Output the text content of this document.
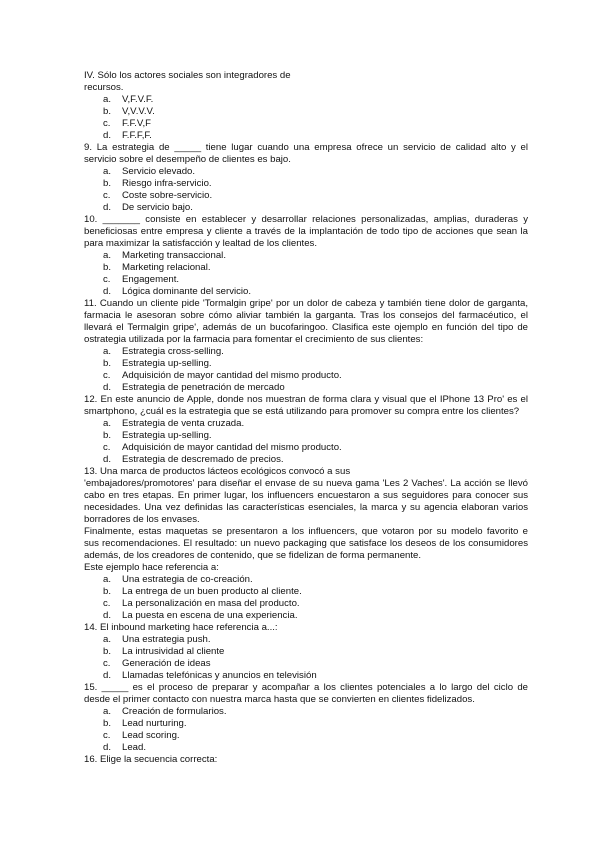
IV. Sólo los actores sociales son integradores de
recursos.
a.	V,F.V.F.
b.	V,V.V.V.
c.	F.F.V,F
d.	F.F.F,F.
9. La estrategia de _____ tiene lugar cuando una empresa ofrece un servicio de calidad alto y el
servicio sobre el desempeño de clientes es bajo.
a.	Servicio elevado.
b.	Riesgo infra-servicio.
c.	Coste sobre-servicio.
d.	De servicio bajo.
10. _______ consiste en establecer y desarrollar relaciones personalizadas, amplias, duraderas y
beneficiosas entre empresa y cliente a través de la implantación de todo tipo de acciones que sean la
para maximizar la satisfacción y lealtad de los clientes.
a.	Marketing transaccional.
b.	Marketing relacional.
c.	Engagement.
d.	Lógica dominante del servicio.
11. Cuando un cliente pide 'Tormalgin gripe' por un dolor de cabeza y también tiene dolor de garganta,
farmacia le asesoran sobre cómo aliviar también la garganta. Tras los consejos del farmacéutico, el
llevará el Termalgin gripe', además de un bucofaringoo. Clasifica este ojemplo en función del tipo de
ostrategia utilizada por la farmacia para fomentar el crecimiento de sus clientes:
a.	Estrategia cross-selling.
b.	Estrategia up-selling.
c.	Adquisición de mayor cantidad del mismo producto.
d.	Estrategia de penetración de mercado
12. En este anuncio de Apple, donde nos muestran de forma clara y visual que el IPhone 13 Pro' es el
smartphono, ¿cuál es la estrategia que se está utilizando para promover su compra entre los clientes?
a.	Estrategia de venta cruzada.
b.	Estrategia up-selling.
c.	Adquisición de mayor cantidad del mismo producto.
d.	Estrategia de descremado de precios.
13. Una marca de productos lácteos ecológicos convocó a sus
'embajadores/promotores' para diseñar el envase de su nueva gama 'Les 2 Vaches'. La acción se llevó
cabo en tres etapas. En primer lugar, los influencers encuestaron a sus seguidores para conocer sus
necesidades. Una vez definidas las características esenciales, la marca y su agencia elaboran varios
borradores de los envases.
Finalmente, estas maquetas se presentaron a los influencers, que votaron por su modelo favorito e
sus recomendaciones. El resultado: un nuevo packaging que satisface los deseos de los consumidores
además, de los creadores de contenido, que se fidelizan de forma permanente.
Este ejemplo hace referencia a:
a.	Una estrategia de co-creación.
b.	La entrega de un buen producto al cliente.
c.	La personalización en masa del producto.
d.	La puesta en escena de una experiencia.
14. El inbound marketing hace referencia a...:
a.	Una estrategia push.
b.	La intrusividad al cliente
c.	Generación de ideas
d.	Llamadas telefónicas y anuncios en televisión
15. _____ es el proceso de preparar y acompañar a los clientes potenciales a lo largo del ciclo de
desde el primer contacto con nuestra marca hasta que se convierten en clientes fidelizados.
a.	Creación de formularios.
b.	Lead nurturing.
c.	Lead scoring.
d.	Lead.
16. Elige la secuencia correcta:
